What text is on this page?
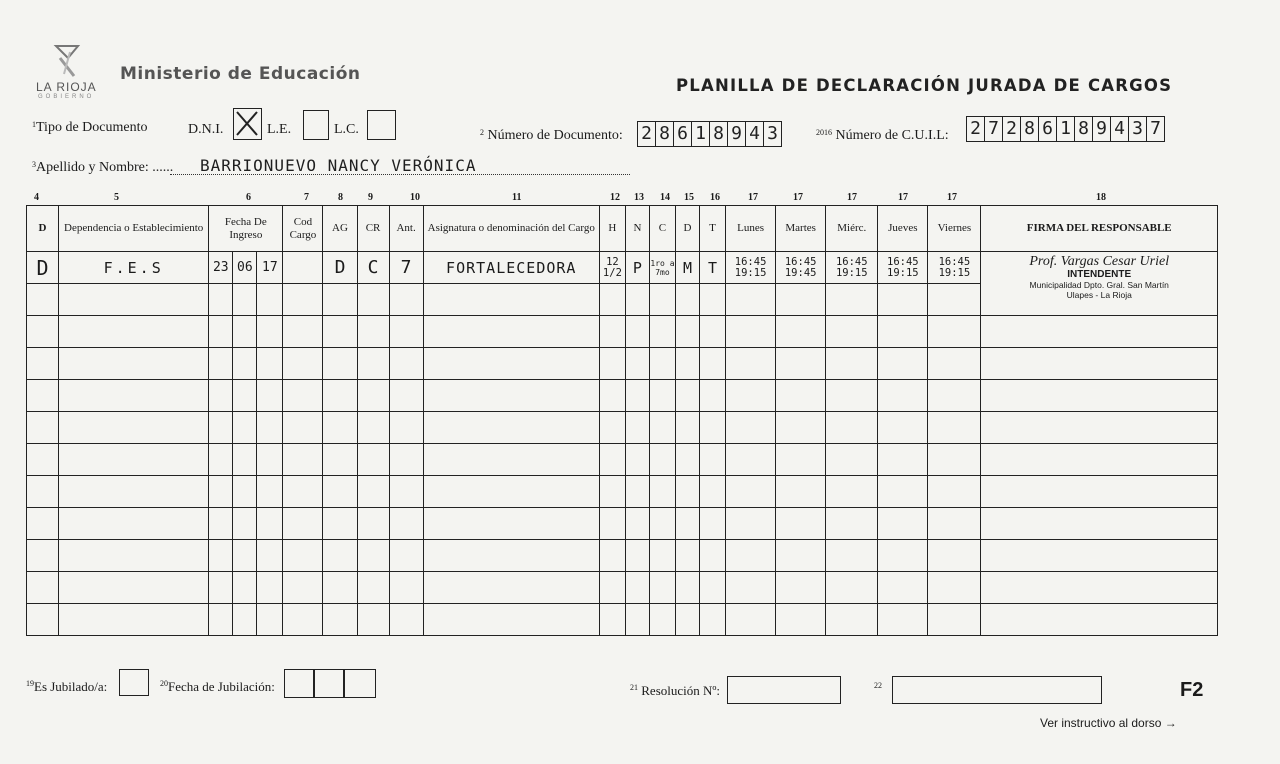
LA RIOJA
GOBIERNO
Ministerio de Educación
PLANILLA DE DECLARACIÓN JURADA DE CARGOS
$^1$Tipo de Documento	D.N.I.	L.E.	L.C.	$^2$ Número de Documento: 2 8 6 1 8 9 4 3	$^{2016}$ Número de C.U.I.L: 2 7 2 8 6 1 8 9 4 3 7
$^3$Apellido y Nombre: ...... BARRIONUEVO NANCY VERÓNICA
4	5	6	7	8	9	10	11	12 13 14 15 16	17	17	17	17	17	18
D	Dependencia o Establecimiento	Fecha De Ingreso			Cod Cargo	AG	CR	Ant.	Asignatura o denominación del Cargo	H	N	C	D	T	Lunes	Martes	Miérc.	Jueves	Viernes	FIRMA DEL RESPONSABLE
D	F.E.S	23	06	17		D	C	7	FORTALECEDORA	12 1/2	P	1ro a 7mo	M	T	16:45 19:15	16:45 19:45	16:45 19:15	16:45 19:15	16:45 19:15	Prof. Vargas Cesar Uriel
INTENDENTE
Municipalidad Dpto. Gral. San Martín
Ulapes - La Rioja

$^{19}$Es Jubilado/a:	$^{20}$Fecha de Jubilación:	$^{21}$ Resolución Nº:	22	F2
Ver instructivo al dorso →
